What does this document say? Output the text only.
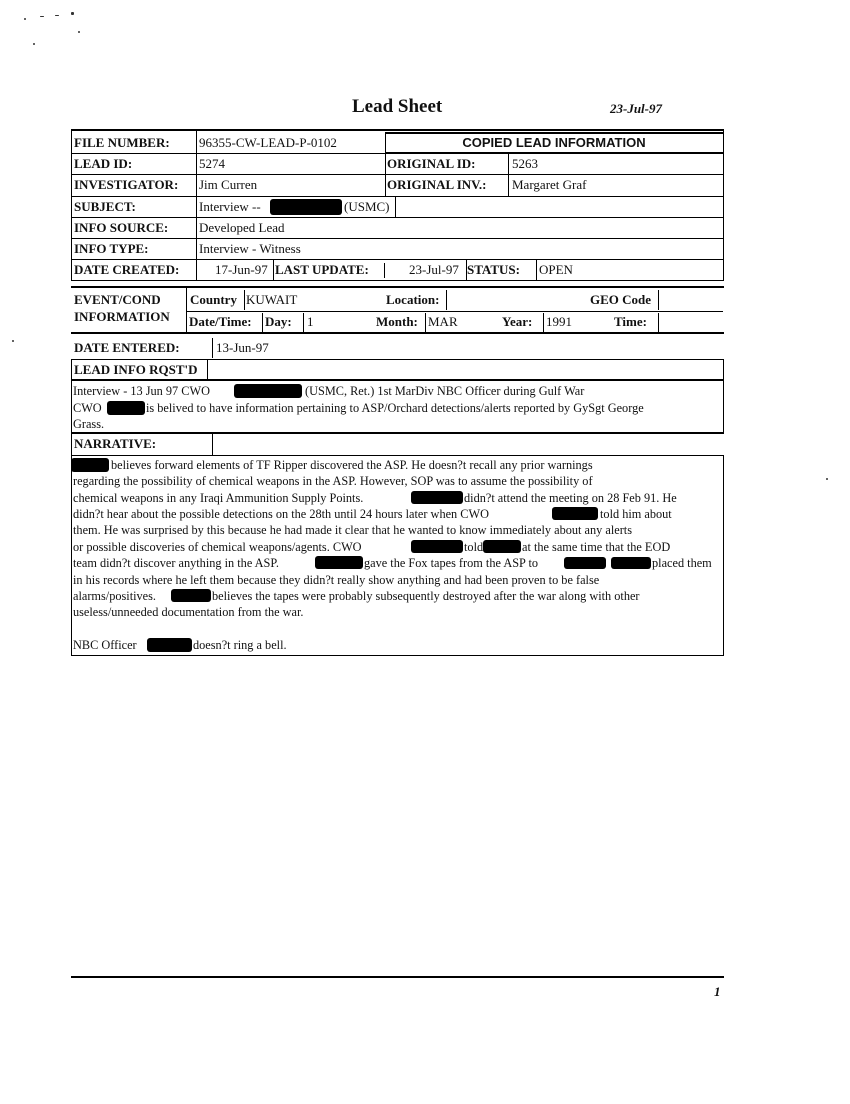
Lead Sheet	23-Jul-97
COPIED LEAD INFORMATION
FILE NUMBER: 96355-CW-LEAD-P-0102
LEAD ID:	5274	ORIGINAL ID:	5263
INVESTIGATOR: Jim Curren	ORIGINAL INV.: Margaret Graf
SUBJECT:	Interview --	(USMC)
INFO SOURCE: Developed Lead
INFO TYPE:	Interview - Witness
DATE CREATED:	17-Jun-97 LAST UPDATE:	23-Jul-97 STATUS: OPEN
EVENT/COND
INFORMATION
Country KUWAIT	Location:	GEO Code
Date/Time: Day: 1	Month: MAR	Year: 1991	Time:
DATE ENTERED:	13-Jun-97
LEAD INFO RQST'D
Interview - 13 Jun 97 CWO	(USMC, Ret.) 1st MarDiv NBC Officer during Gulf War
CWO	is belived to have information pertaining to ASP/Orchard detections/alerts reported by GySgt George
Grass.
NARRATIVE:
believes forward elements of TF Ripper discovered the ASP. He doesn?t recall any prior warnings
regarding the possibility of chemical weapons in the ASP. However, SOP was to assume the possibility of
chemical weapons in any Iraqi Ammunition Supply Points.	didn?t attend the meeting on 28 Feb 91. He
didn?t hear about the possible detections on the 28th until 24 hours later when CWO	told him about
them. He was surprised by this because he had made it clear that he wanted to know immediately about any alerts
or possible discoveries of chemical weapons/agents. CWO	told	at the same time that the EOD
team didn?t discover anything in the ASP.	gave the Fox tapes from the ASP to	placed them
in his records where he left them because they didn?t really show anything and had been proven to be false
alarms/positives.	believes the tapes were probably subsequently destroyed after the war along with other
useless/unneeded documentation from the war.
NBC Officer	doesn?t ring a bell.
1
